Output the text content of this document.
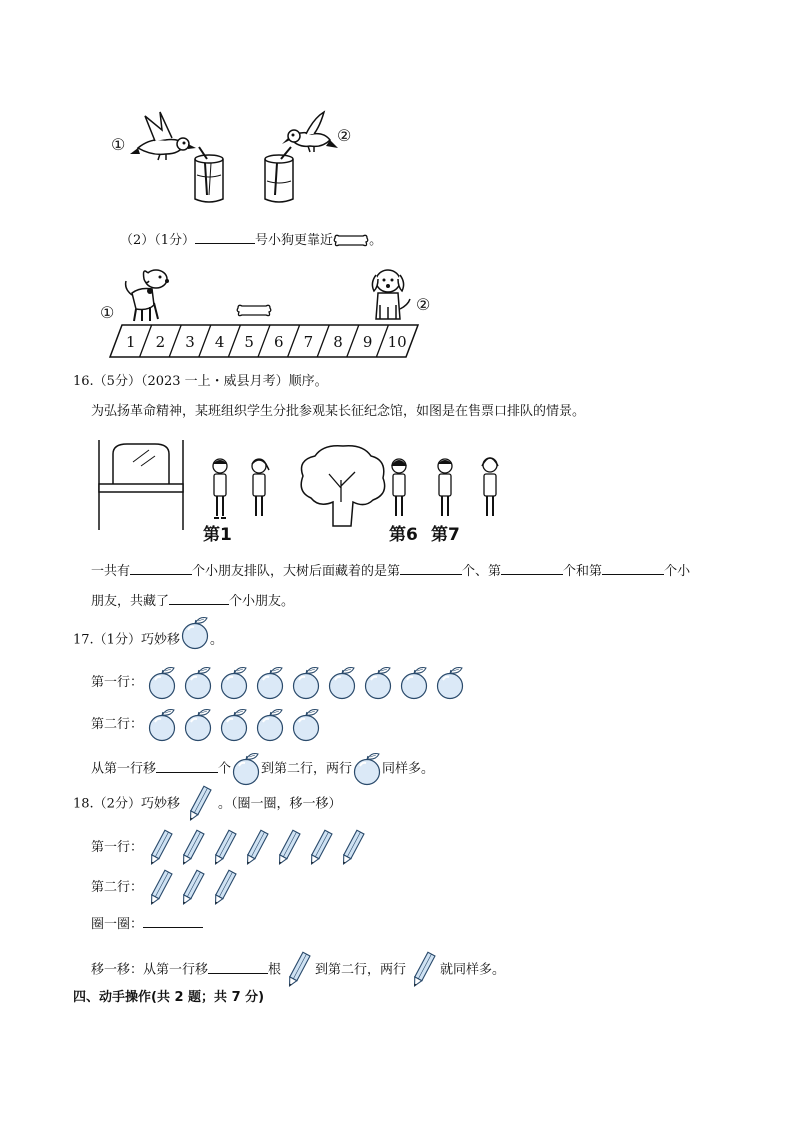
①	②
（2）（1分）	号小狗更靠近	。
①	②
1 2 3 4 5 6 7 8 9 10
16.（5分）（2023 一上・威县月考）顺序。
为弘扬革命精神，某班组织学生分批参观某长征纪念馆，如图是在售票口排队的情景。
第1	第6 第7
一共有	个小朋友排队，大树后面藏着的是第	个、第	个和第	个小
朋友，共藏了	个小朋友。
17.（1分）巧妙移 。
第一行：
第二行：
从第一行移	个 到第二行，两行 同样多。
18.（2分）巧妙移	。（圈一圈，移一移）
第一行：
第二行：
圈一圈：
移一移：从第一行移	根	到第二行，两行	就同样多。
四、动手操作(共 2 题；共 7 分)
